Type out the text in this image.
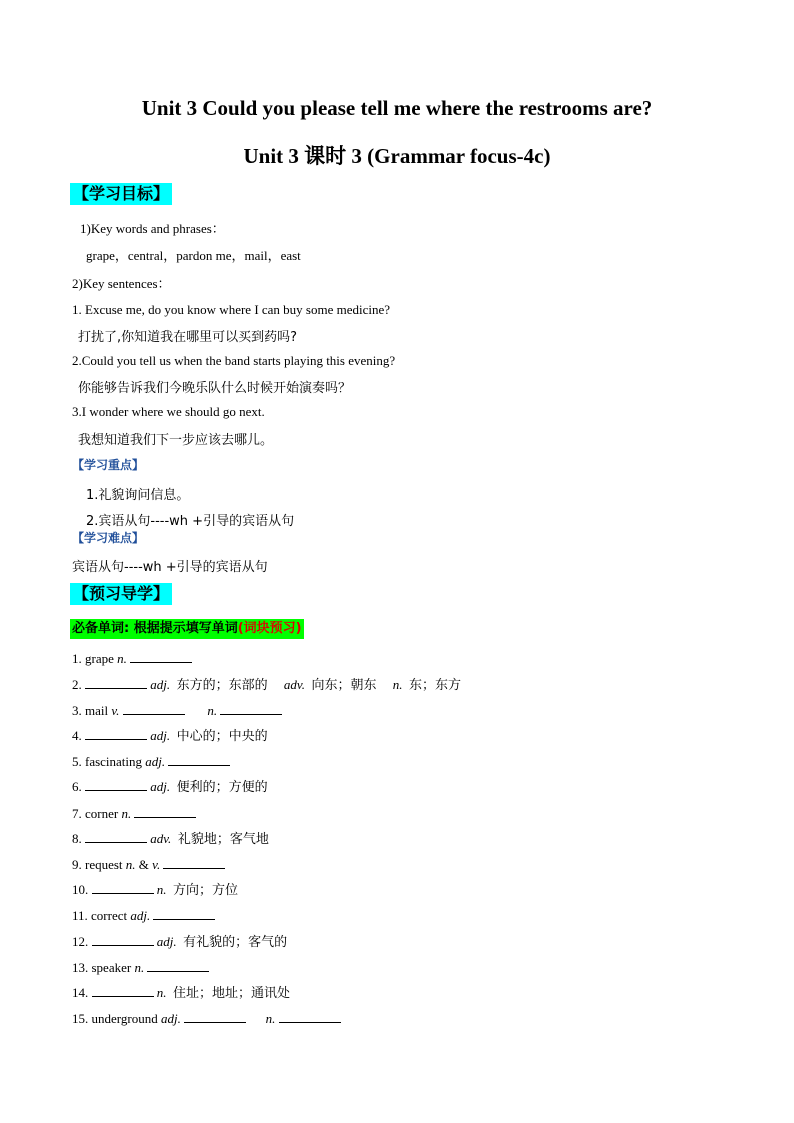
Unit 3 Could you please tell me where the restrooms are?
Unit 3 课时 3 (Grammar focus-4c)
【学习目标】
1)Key words and phrases：
grape，central，pardon me，mail，east
2)Key sentences：
1. Excuse me, do you know where I can buy some medicine?
打扰了,你知道我在哪里可以买到药吗?
2.Could you tell us when the band starts playing this evening?
你能够告诉我们今晚乐队什么时候开始演奏吗？
3.I wonder where we should go next.
我想知道我们下一步应该去哪儿。
【学习重点】
1.礼貌询问信息。
2.宾语从句----wh +引导的宾语从句
【学习难点】
宾语从句----wh +引导的宾语从句
【预习导学】
必备单词: 根据提示填写单词(词块预习)
1. grape n.
2.	adj. 东方的；东部的 adv. 向东；朝东 n. 东；东方
3. mail v.	n.
4.	adj. 中心的；中央的
5. fascinating adj.
6.	adj. 便利的；方便的
7. corner n.
8.	adv. 礼貌地；客气地
9. request n. & v.
10.	n. 方向；方位
11. correct adj.
12.	adj. 有礼貌的；客气的
13. speaker n.
14.	n. 住址；地址；通讯处
15. underground adj.	n.
